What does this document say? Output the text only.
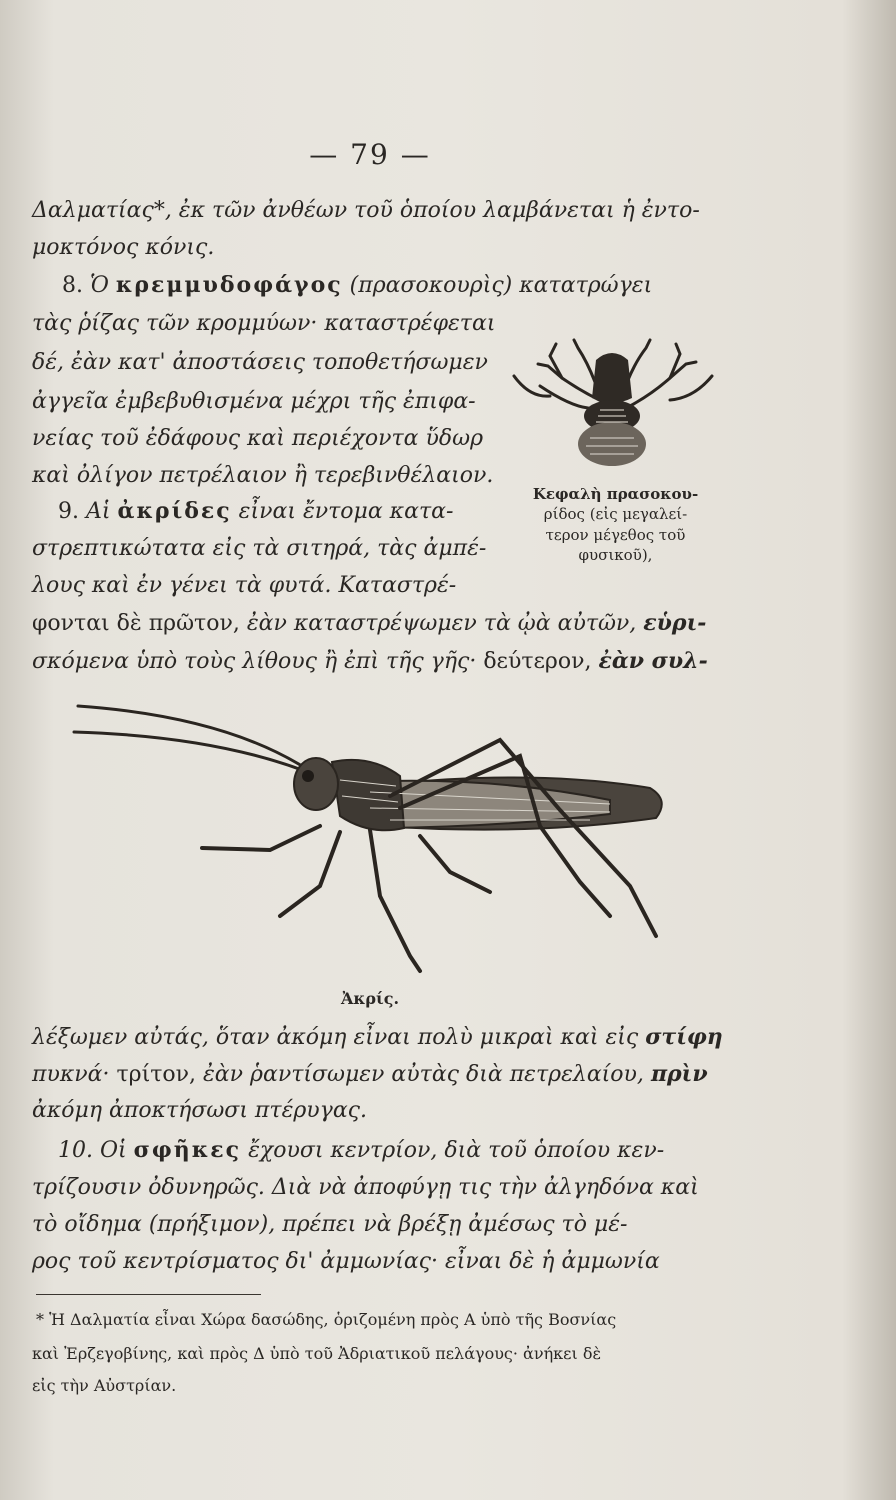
— 79 —
Δαλματίας*, ἐκ τῶν ἀνθέων τοῦ ὁποίου λαμβάνεται ἡ ἐντο-
μοκτόνος κόνις.
8. Ὁ κρεμμυδοφάγος (πρασοκουρὶς) κατατρώγει
τὰς ῥίζας τῶν κρομμύων· καταστρέφεται
δέ, ἐὰν κατ' ἀποστάσεις τοποθετήσωμεν
ἀγγεῖα ἐμβεβυθισμένα μέχρι τῆς ἐπιφα-
νείας τοῦ ἐδάφους καὶ περιέχοντα ὕδωρ
καὶ ὀλίγον πετρέλαιον ἢ τερεβινθέλαιον.
Κεφαλὴ πρασοκου-
ρίδος (εἰς μεγαλεί-
τερον μέγεθος τοῦ
φυσικοῦ),
9. Αἱ ἀκρίδες εἶναι ἔντομα κατα-
στρεπτικώτατα εἰς τὰ σιτηρά, τὰς ἀμπέ-
λους καὶ ἐν γένει τὰ φυτά. Καταστρέ-
φονται δὲ πρῶτον, ἐὰν καταστρέψωμεν τὰ ᾠὰ αὐτῶν, εὑρι-
σκόμενα ὑπὸ τοὺς λίθους ἢ ἐπὶ τῆς γῆς· δεύτερον, ἐὰν συλ-
Ἀκρίς.
λέξωμεν αὐτάς, ὅταν ἀκόμη εἶναι πολὺ μικραὶ καὶ εἰς στίφη
πυκνά· τρίτον, ἐὰν ῥαντίσωμεν αὐτὰς διὰ πετρελαίου, πρὶν
ἀκόμη ἀποκτήσωσι πτέρυγας.
10. Οἱ σφῆκες ἔχουσι κεντρίον, διὰ τοῦ ὁποίου κεν-
τρίζουσιν ὀδυνηρῶς. Διὰ νὰ ἀποφύγῃ τις τὴν ἀλγηδόνα καὶ
τὸ οἴδημα (πρήξιμον), πρέπει νὰ βρέξῃ ἀμέσως τὸ μέ-
ρος τοῦ κεντρίσματος δι' ἀμμωνίας· εἶναι δὲ ἡ ἀμμωνία
* Ἡ Δαλματία εἶναι Χώρα δασώδης, ὁριζομένη πρὸς Α ὑπὸ τῆς Βοσνίας
καὶ Ἐρζεγοβίνης, καὶ πρὸς Δ ὑπὸ τοῦ Ἀδριατικοῦ πελάγους· ἀνήκει δὲ
εἰς τὴν Αὐστρίαν.
